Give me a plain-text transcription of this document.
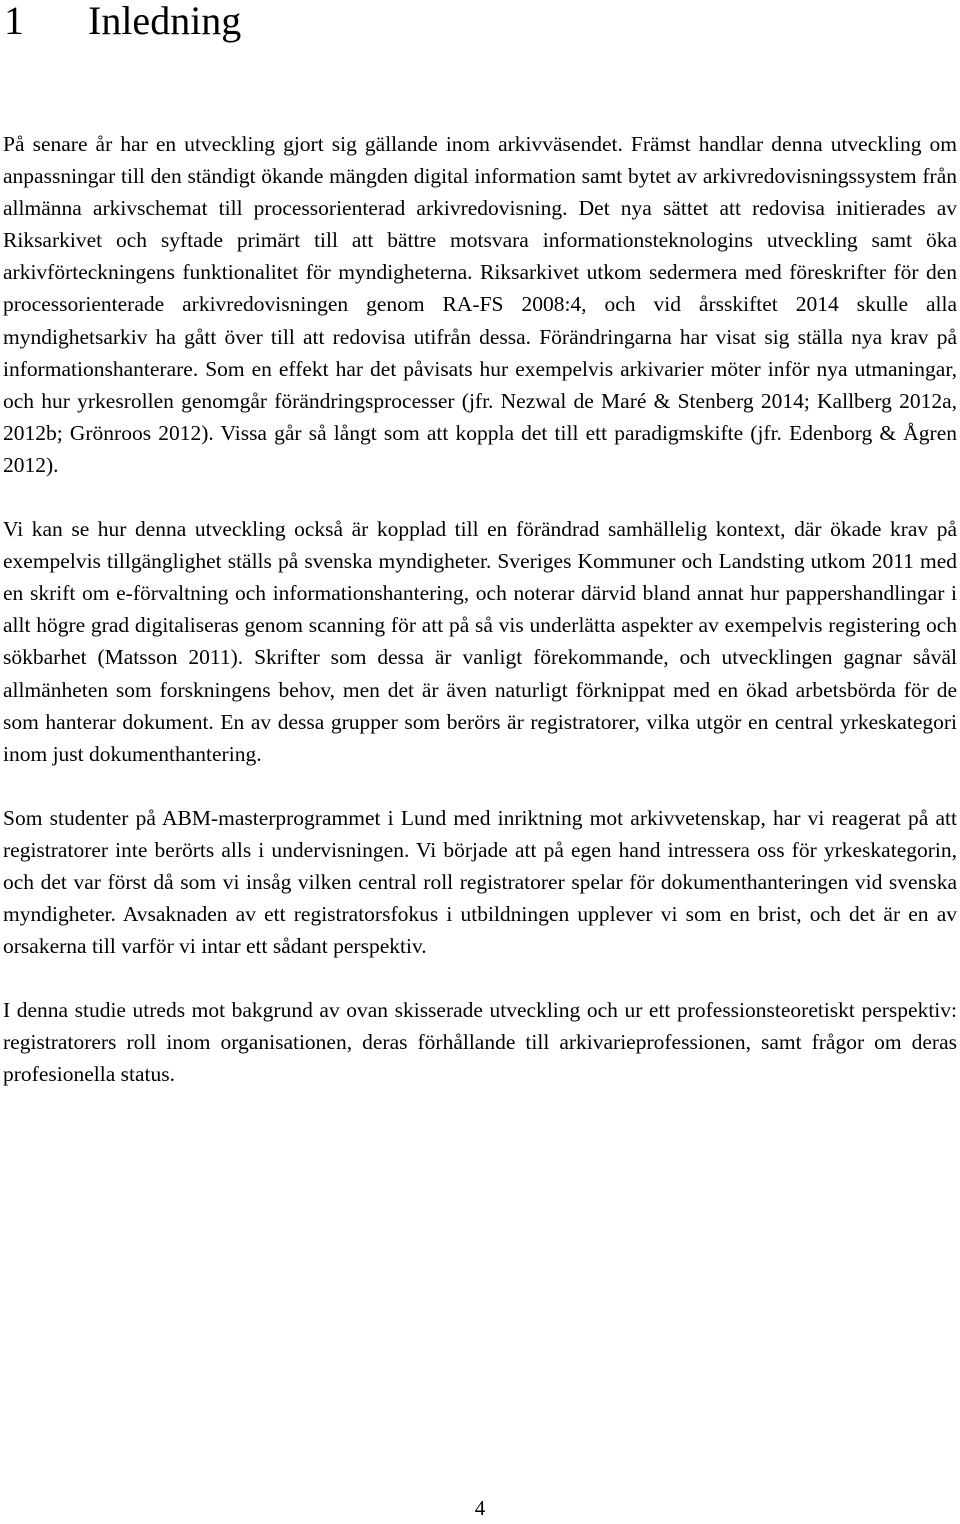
1 Inledning

På senare år har en utveckling gjort sig gällande inom arkivväsendet. Främst handlar denna utveckling om anpassningar till den ständigt ökande mängden digital information samt bytet av arkivredovisningssystem från allmänna arkivschemat till processorienterad arkivredovisning. Det nya sättet att redovisa initierades av Riksarkivet och syftade primärt till att bättre motsvara informationsteknologins utveckling samt öka arkivförteckningens funktionalitet för myndigheterna. Riksarkivet utkom sedermera med föreskrifter för den processorienterade arkivredovisningen genom RA-FS 2008:4, och vid årsskiftet 2014 skulle alla myndighetsarkiv ha gått över till att redovisa utifrån dessa. Förändringarna har visat sig ställa nya krav på informationshanterare. Som en effekt har det påvisats hur exempelvis arkivarier möter inför nya utmaningar, och hur yrkesrollen genomgår förändringsprocesser (jfr. Nezwal de Maré & Stenberg 2014; Kallberg 2012a, 2012b; Grönroos 2012). Vissa går så långt som att koppla det till ett paradigmskifte (jfr. Edenborg & Ågren 2012).

Vi kan se hur denna utveckling också är kopplad till en förändrad samhällelig kontext, där ökade krav på exempelvis tillgänglighet ställs på svenska myndigheter. Sveriges Kommuner och Landsting utkom 2011 med en skrift om e-förvaltning och informationshantering, och noterar därvid bland annat hur pappershandlingar i allt högre grad digitaliseras genom scanning för att på så vis underlätta aspekter av exempelvis registering och sökbarhet (Matsson 2011). Skrifter som dessa är vanligt förekommande, och utvecklingen gagnar såväl allmänheten som forskningens behov, men det är även naturligt förknippat med en ökad arbetsbörda för de som hanterar dokument. En av dessa grupper som berörs är registratorer, vilka utgör en central yrkeskategori inom just dokumenthantering.

Som studenter på ABM-masterprogrammet i Lund med inriktning mot arkivvetenskap, har vi reagerat på att registratorer inte berörts alls i undervisningen. Vi började att på egen hand intressera oss för yrkeskategorin, och det var först då som vi insåg vilken central roll registratorer spelar för dokumenthanteringen vid svenska myndigheter. Avsaknaden av ett registratorsfokus i utbildningen upplever vi som en brist, och det är en av orsakerna till varför vi intar ett sådant perspektiv.

I denna studie utreds mot bakgrund av ovan skisserade utveckling och ur ett professionsteoretiskt perspektiv: registratorers roll inom organisationen, deras förhållande till arkivarieprofessionen, samt frågor om deras profesionella status.

4
